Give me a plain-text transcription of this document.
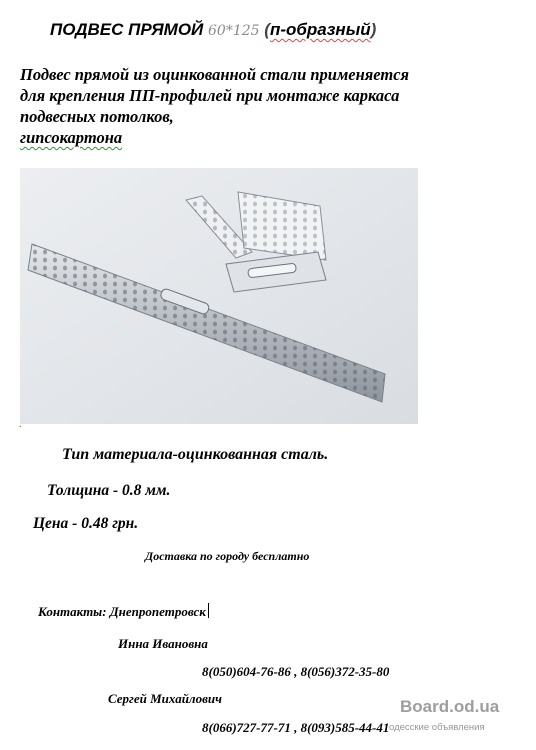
ПОДВЕС ПРЯМОЙ 60*125 (п-образный)
Подвес прямой из оцинкованной стали применяется
для крепления ПП-профилей при монтаже каркаса
подвесных потолков,
гипсокартона
.
Тип материала-оцинкованная сталь.
Толщина - 0.8 мм.
Цена - 0.48 грн.
Доставка по городу бесплатно
Контакты: Днепропетровск
Инна Ивановна
8(050)604-76-86 , 8(056)372-35-80
Сергей Михайлович
8(066)727-77-71 , 8(093)585-44-41
Board.od.ua
одесские объявления
